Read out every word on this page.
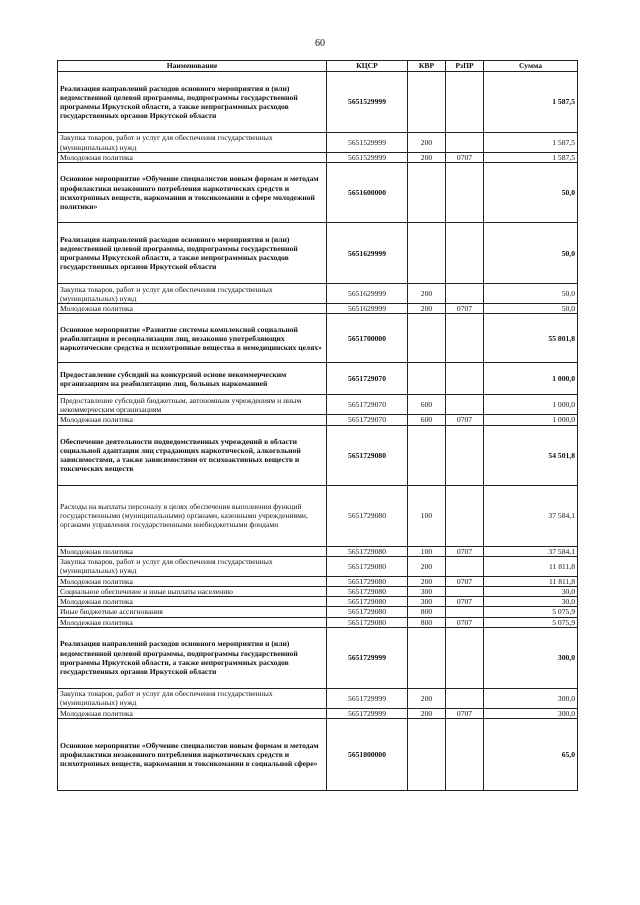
60
Наименование	КЦСР	КВР	РзПР	Сумма
Реализация направлений расходов основного мероприятия и (или) ведомственной целевой программы, подпрограммы государственной программы Иркутской области, а также непрограммных расходов государственных органов Иркутской области	5651529999			1 587,5
Закупка товаров, работ и услуг для обеспечения государственных (муниципальных) нужд	5651529999	200		1 587,5
Молодежная политика	5651529999	200	0707	1 587,5
Основное мероприятие «Обучение специалистов новым формам и методам профилактики незаконного потребления наркотических средств и психотропных веществ, наркомании и токсикомании в сфере молодежной политики»	5651600000			50,0
Реализация направлений расходов основного мероприятия и (или) ведомственной целевой программы, подпрограммы государственной программы Иркутской области, а также непрограммных расходов государственных органов Иркутской области	5651629999			50,0
Закупка товаров, работ и услуг для обеспечения государственных (муниципальных) нужд	5651629999	200		50,0
Молодежная политика	5651629999	200	0707	50,0
Основное мероприятие «Развитие системы комплексной социальной реабилитации и ресоциализации лиц, незаконно употребляющих наркотические средства и психотропные вещества в немедицинских целях»	5651700000			55 801,8
Предоставление субсидий на конкурсной основе некоммерческим организациям на реабилитацию лиц, больных наркоманией	5651729070			1 000,0
Предоставление субсидий бюджетным, автономным учреждениям и иным некоммерческим организациям	5651729070	600		1 000,0
Молодежная политика	5651729070	600	0707	1 000,0
Обеспечение деятельности подведомственных учреждений в области социальной адаптации лиц страдающих наркотической, алкогольной зависимостями, а также зависимостями от психоактивных веществ и токсических веществ	5651729080			54 501,8
Расходы на выплаты персоналу в целях обеспечения выполнения функций государственными (муниципальными) органами, казенными учреждениями, органами управления государственными внебюджетными фондами	5651729080	100		37 584,1
Молодежная политика	5651729080	100	0707	37 584,1
Закупка товаров, работ и услуг для обеспечения государственных (муниципальных) нужд	5651729080	200		11 811,8
Молодежная политика	5651729080	200	0707	11 811,8
Социальное обеспечение и иные выплаты населению	5651729080	300		30,0
Молодежная политика	5651729080	300	0707	30,0
Иные бюджетные ассигнования	5651729080	800		5 075,9
Молодежная политика	5651729080	800	0707	5 075,9
Реализация направлений расходов основного мероприятия и (или) ведомственной целевой программы, подпрограммы государственной программы Иркутской области, а также непрограммных расходов государственных органов Иркутской области	5651729999			300,0
Закупка товаров, работ и услуг для обеспечения государственных (муниципальных) нужд	5651729999	200		300,0
Молодежная политика	5651729999	200	0707	300,0
Основное мероприятие «Обучение специалистов новым формам и методам профилактики незаконного потребления наркотических средств и психотропных веществ, наркомании и токсикомании в социальной сфере»	5651800000			65,0
